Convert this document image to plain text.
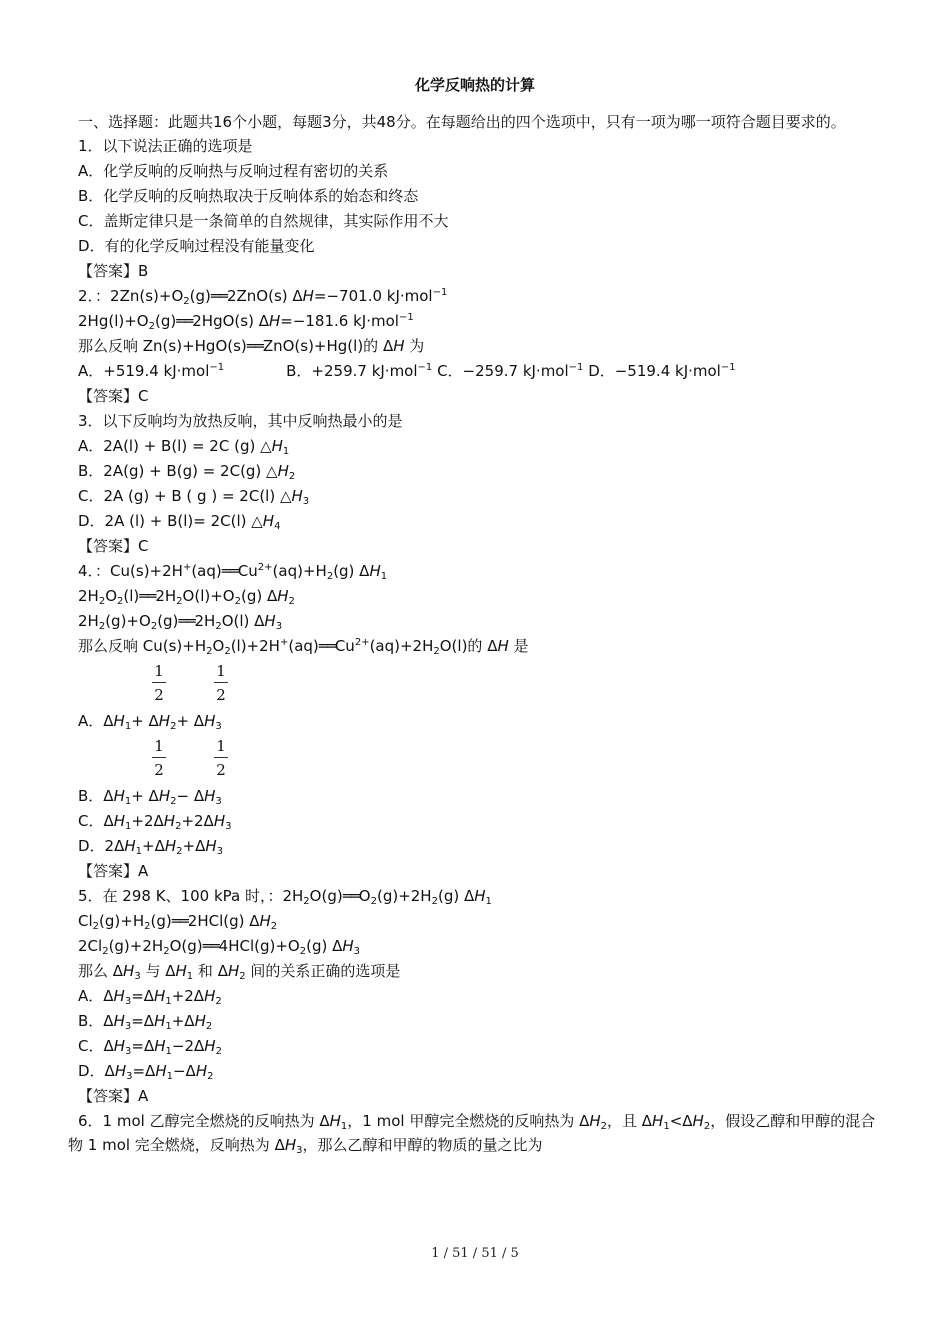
化学反响热的计算
一、选择题：此题共16个小题，每题3分，共48分。在每题给出的四个选项中，只有一项为哪一项符合题目要求的。
1．以下说法正确的选项是
A．化学反响的反响热与反响过程有密切的关系
B．化学反响的反响热取决于反响体系的始态和终态
C．盖斯定律只是一条简单的自然规律，其实际作用不大
D．有的化学反响过程没有能量变化
【答案】B
2．：$2Zn(s)+O_2(g)══2ZnO(s)$ ΔH=−701.0 kJ·mol$^{-1}$
$2Hg(l)+O_2(g)══2HgO(s)$ ΔH=−181.6 kJ·mol$^{-1}$
那么反响 Zn(s)+HgO(s)══ZnO(s)+Hg(l)的 ΔH 为
A．+519.4 kJ·mol$^{-1}$	B．+259.7 kJ·mol$^{-1}$ C．−259.7 kJ·mol$^{-1}$ D．−519.4 kJ·mol$^{-1}$
【答案】C
3．以下反响均为放热反响，其中反响热最小的是
A．2A(l) + B(l) = 2C (g) $\triangle H_1$
B．2A(g) + B(g) = 2C(g) $\triangle H_2$
C．2A (g) + B ( g ) = 2C(l) $\triangle H_3$
D．2A (l) + B(l)= 2C(l) $\triangle H_4$
【答案】C
4．：$Cu(s)+2H^+(aq)══Cu^{2+}(aq)+H_2(g)$ $\Delta H_1$
$2H_2O_2(l)══2H_2O(l)+O_2(g)$ $\Delta H_2$
$2H_2(g)+O_2(g)══2H_2O(l)$ $\Delta H_3$
那么反响 $Cu(s)+H_2O_2(l)+2H^+(aq)══Cu^{2+}(aq)+2H_2O(l)$的 ΔH 是
1
2
1
2
A．$\Delta H_1+ \Delta H_2+ \Delta H_3$
1
2
1
2
B．$\Delta H_1+ \Delta H_2- \Delta H_3$
C．$\Delta H_1+2\Delta H_2+2\Delta H_3$
D．$2\Delta H_1+\Delta H_2+\Delta H_3$
【答案】A
5．在 298 K、100 kPa 时，：$2H_2O(g)══O_2(g)+2H_2(g)$ $\Delta H_1$
$Cl_2(g)+H_2(g)══2HCl(g)$ $\Delta H_2$
$2Cl_2(g)+2H_2O(g)══4HCl(g)+O_2(g)$ $\Delta H_3$
那么 $\Delta H_3$ 与 $\Delta H_1$ 和 $\Delta H_2$ 间的关系正确的选项是
A．$\Delta H_3=\Delta H_1+2\Delta H_2$
B．$\Delta H_3=\Delta H_1+\Delta H_2$
C．$\Delta H_3=\Delta H_1-2\Delta H_2$
D．$\Delta H_3=\Delta H_1-\Delta H_2$
【答案】A
6．1 mol 乙醇完全燃烧的反响热为 $\Delta H_1$，1 mol 甲醇完全燃烧的反响热为 $\Delta H_2$，且 $\Delta H_1<\Delta H_2$，假设乙醇和甲醇的混合物 1 mol 完全燃烧，反响热为 $\Delta H_3$，那么乙醇和甲醇的物质的量之比为
1 / 51 / 51 / 5
